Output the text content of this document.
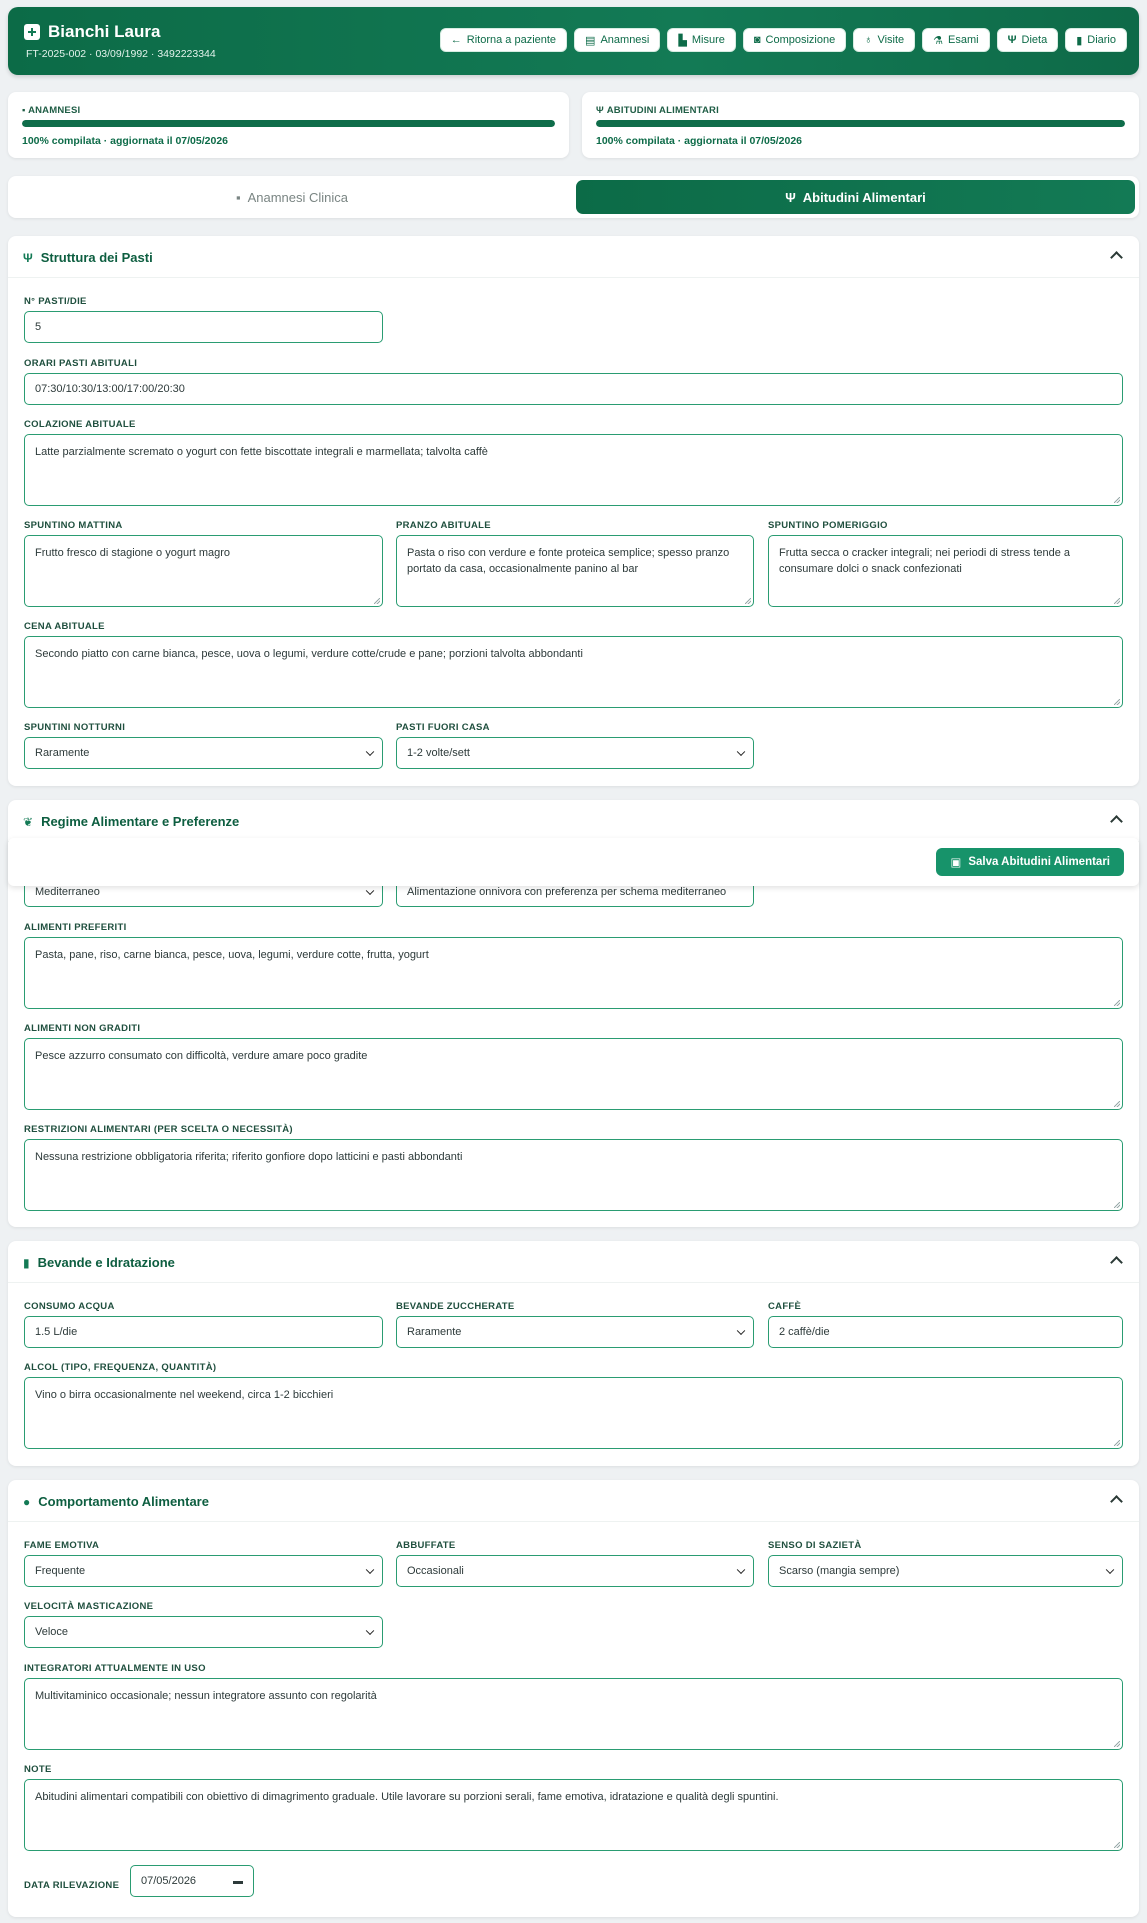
Bianchi Laura
FT-2025-002 · 03/09/1992 · 3492223344
← Ritorna a paziente	▤ Anamnesi	▙ Misure	◙ Composizione	♁ Visite	⚗ Esami	Ψ Dieta	▮ Diario
▪ ANAMNESI
100% compilata · aggiornata il 07/05/2026
Ψ ABITUDINI ALIMENTARI
100% compilata · aggiornata il 07/05/2026
▪ Anamnesi Clinica	Ψ Abitudini Alimentari
Ψ Struttura dei Pasti
N° PASTI/DIE
5
ORARI PASTI ABITUALI
07:30/10:30/13:00/17:00/20:30
COLAZIONE ABITUALE
Latte parzialmente scremato o yogurt con fette biscottate integrali e marmellata; talvolta caffè
SPUNTINO MATTINA
Frutto fresco di stagione o yogurt magro
PRANZO ABITUALE
Pasta o riso con verdure e fonte proteica semplice; spesso pranzo portato da casa, occasionalmente panino al bar
SPUNTINO POMERIGGIO
Frutta secca o cracker integrali; nei periodi di stress tende a consumare dolci o snack confezionati
CENA ABITUALE
Secondo piatto con carne bianca, pesce, uova o legumi, verdure cotte/crude e pane; porzioni talvolta abbondanti
SPUNTINI NOTTURNI
Raramente
PASTI FUORI CASA
1-2 volte/sett
❦ Regime Alimentare e Preferenze
Mediterraneo	Alimentazione onnivora con preferenza per schema mediterraneo
ALIMENTI PREFERITI
Pasta, pane, riso, carne bianca, pesce, uova, legumi, verdure cotte, frutta, yogurt
ALIMENTI NON GRADITI
Pesce azzurro consumato con difficoltà, verdure amare poco gradite
RESTRIZIONI ALIMENTARI (PER SCELTA O NECESSITÀ)
Nessuna restrizione obbligatoria riferita; riferito gonfiore dopo latticini e pasti abbondanti
▣ Salva Abitudini Alimentari
▮ Bevande e Idratazione
CONSUMO ACQUA
1.5 L/die
BEVANDE ZUCCHERATE
Raramente
CAFFÈ
2 caffè/die
ALCOL (TIPO, FREQUENZA, QUANTITÀ)
Vino o birra occasionalmente nel weekend, circa 1-2 bicchieri
● Comportamento Alimentare
FAME EMOTIVA
Frequente
ABBUFFATE
Occasionali
SENSO DI SAZIETÀ
Scarso (mangia sempre)
VELOCITÀ MASTICAZIONE
Veloce
INTEGRATORI ATTUALMENTE IN USO
Multivitaminico occasionale; nessun integratore assunto con regolarità
NOTE
Abitudini alimentari compatibili con obiettivo di dimagrimento graduale. Utile lavorare su porzioni serali, fame emotiva, idratazione e qualità degli spuntini.
DATA RILEVAZIONE 07/05/2026	▬
